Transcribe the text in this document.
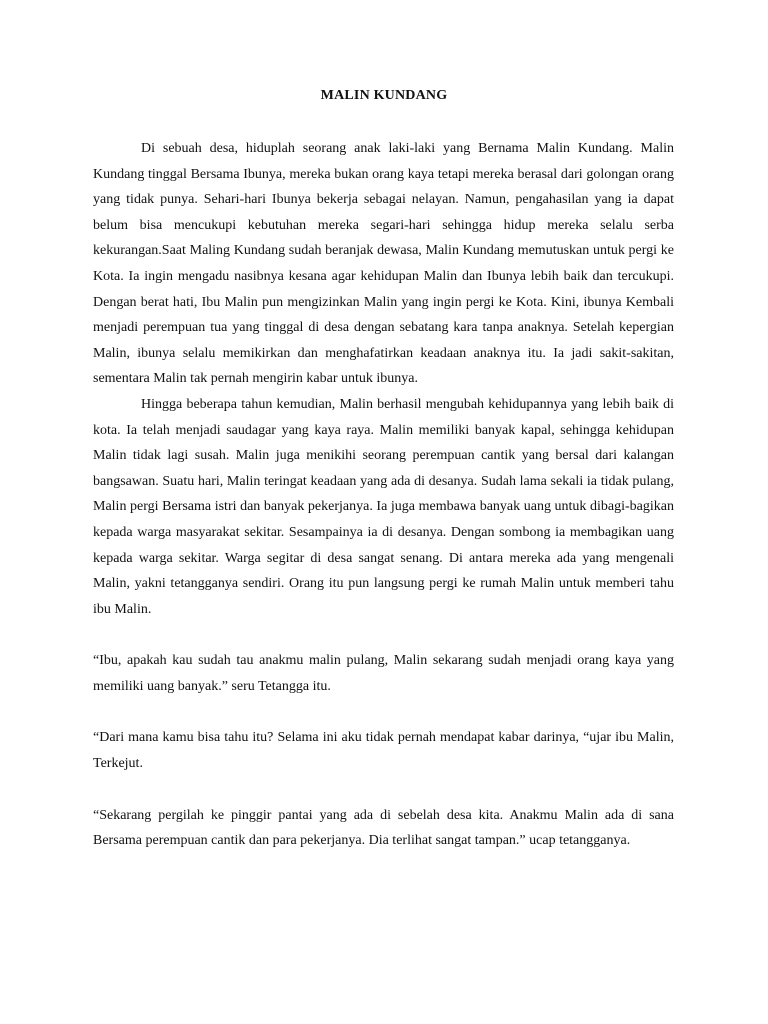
MALIN KUNDANG

Di sebuah desa, hiduplah seorang anak laki-laki yang Bernama Malin Kundang. Malin Kundang tinggal Bersama Ibunya, mereka bukan orang kaya tetapi mereka berasal dari golongan orang yang tidak punya. Sehari-hari Ibunya bekerja sebagai nelayan. Namun, pengahasilan yang ia dapat belum bisa mencukupi kebutuhan mereka segari-hari sehingga hidup mereka selalu serba kekurangan.Saat Maling Kundang sudah beranjak dewasa, Malin Kundang memutuskan untuk pergi ke Kota. Ia ingin mengadu nasibnya kesana agar kehidupan Malin dan Ibunya lebih baik dan tercukupi. Dengan berat hati, Ibu Malin pun mengizinkan Malin yang ingin pergi ke Kota. Kini, ibunya Kembali menjadi perempuan tua yang tinggal di desa dengan sebatang kara tanpa anaknya. Setelah kepergian Malin, ibunya selalu memikirkan dan menghafatirkan keadaan anaknya itu. Ia jadi sakit-sakitan, sementara Malin tak pernah mengirin kabar untuk ibunya.

Hingga beberapa tahun kemudian, Malin berhasil mengubah kehidupannya yang lebih baik di kota. Ia telah menjadi saudagar yang kaya raya. Malin memiliki banyak kapal, sehingga kehidupan Malin tidak lagi susah. Malin juga menikihi seorang perempuan cantik yang bersal dari kalangan bangsawan. Suatu hari, Malin teringat keadaan yang ada di desanya. Sudah lama sekali ia tidak pulang, Malin pergi Bersama istri dan banyak pekerjanya. Ia juga membawa banyak uang untuk dibagi-bagikan kepada warga masyarakat sekitar. Sesampainya ia di desanya. Dengan sombong ia membagikan uang kepada warga sekitar. Warga segitar di desa sangat senang. Di antara mereka ada yang mengenali Malin, yakni tetangganya sendiri. Orang itu pun langsung pergi ke rumah Malin untuk memberi tahu ibu Malin.

“Ibu, apakah kau sudah tau anakmu malin pulang, Malin sekarang sudah menjadi orang kaya yang memiliki uang banyak.” seru Tetangga itu.

“Dari mana kamu bisa tahu itu? Selama ini aku tidak pernah mendapat kabar darinya, “ujar ibu Malin, Terkejut.

“Sekarang pergilah ke pinggir pantai yang ada di sebelah desa kita. Anakmu Malin ada di sana Bersama perempuan cantik dan para pekerjanya. Dia terlihat sangat tampan.” ucap tetangganya.
